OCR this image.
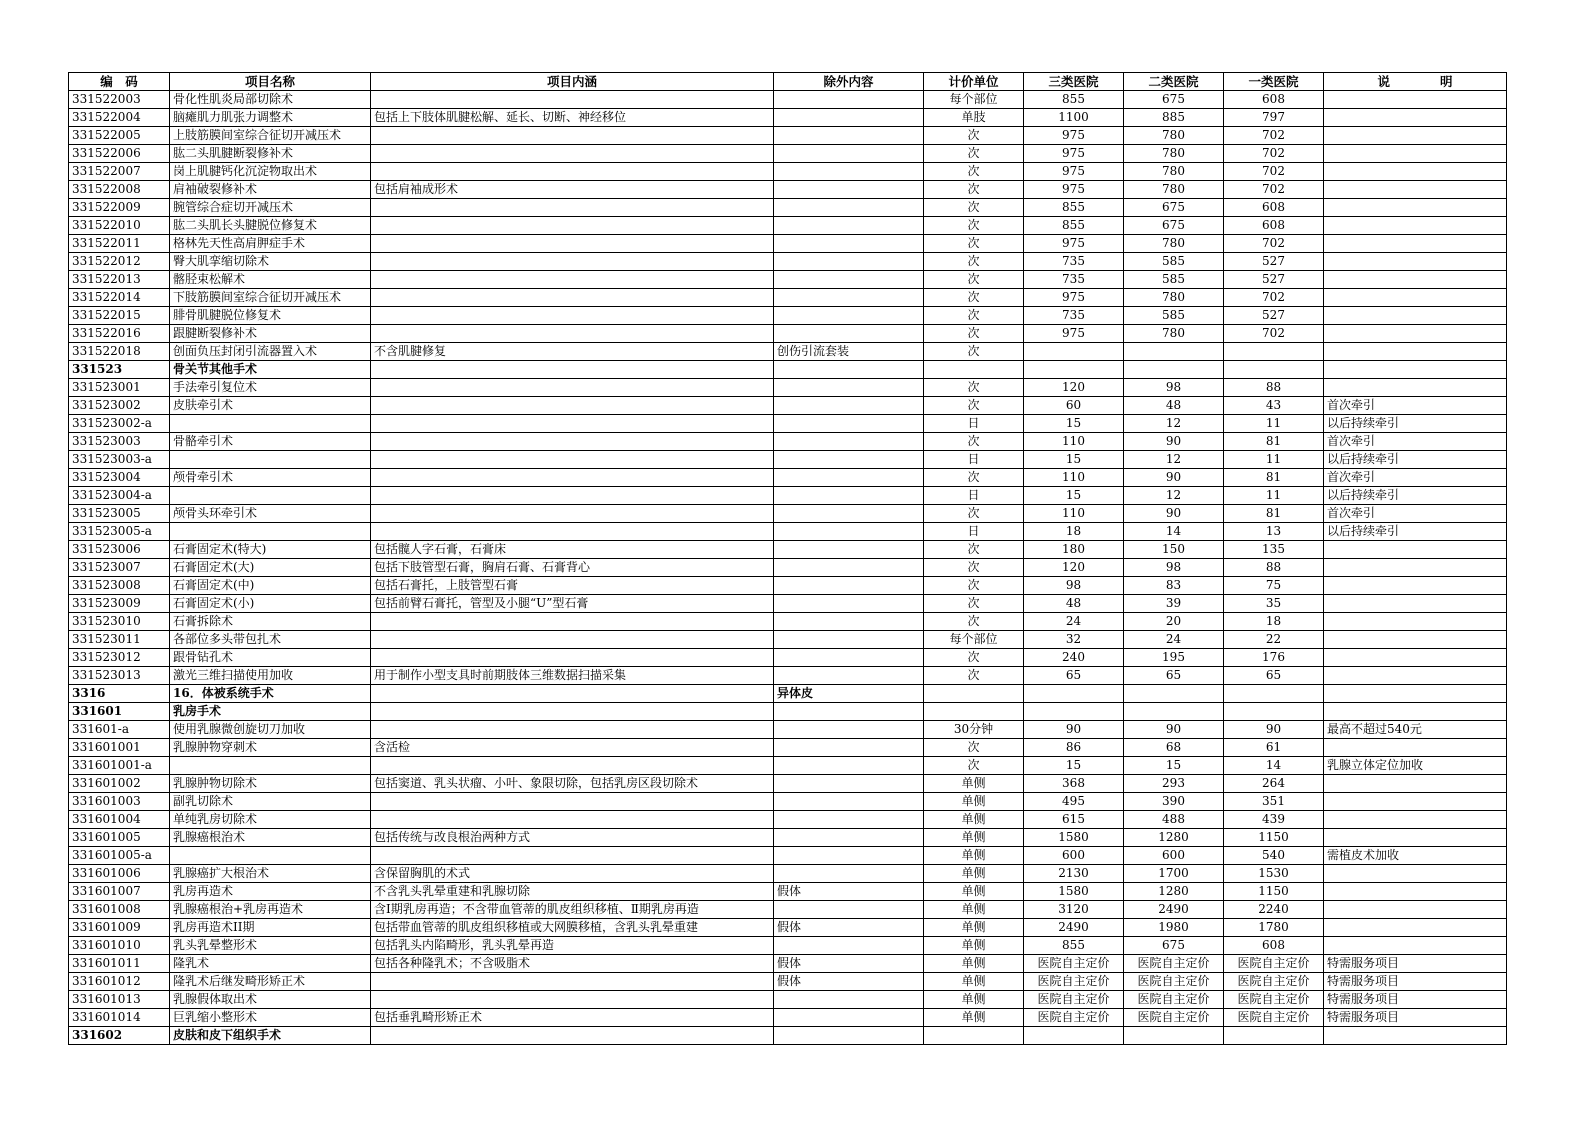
编　码	项目名称	项目内涵	除外内容	计价单位	三类医院	二类医院	一类医院	说　　　　明
331522003	骨化性肌炎局部切除术			每个部位	855	675	608	
331522004	脑瘫肌力肌张力调整术	包括上下肢体肌腱松解、延长、切断、神经移位		单肢	1100	885	797	
331522005	上肢筋膜间室综合征切开减压术			次	975	780	702	
331522006	肱二头肌腱断裂修补术			次	975	780	702	
331522007	岗上肌腱钙化沉淀物取出术			次	975	780	702	
331522008	肩袖破裂修补术	包括肩袖成形术		次	975	780	702	
331522009	腕管综合症切开减压术			次	855	675	608	
331522010	肱二头肌长头腱脱位修复术			次	855	675	608	
331522011	格林先天性高肩胛症手术			次	975	780	702	
331522012	臀大肌挛缩切除术			次	735	585	527	
331522013	髂胫束松解术			次	735	585	527	
331522014	下肢筋膜间室综合征切开减压术			次	975	780	702	
331522015	腓骨肌腱脱位修复术			次	735	585	527	
331522016	跟腱断裂修补术			次	975	780	702	
331522018	创面负压封闭引流器置入术	不含肌腱修复	创伤引流套装	次				
331523	骨关节其他手术							
331523001	手法牵引复位术			次	120	98	88	
331523002	皮肤牵引术			次	60	48	43	首次牵引
331523002-a				日	15	12	11	以后持续牵引
331523003	骨骼牵引术			次	110	90	81	首次牵引
331523003-a				日	15	12	11	以后持续牵引
331523004	颅骨牵引术			次	110	90	81	首次牵引
331523004-a				日	15	12	11	以后持续牵引
331523005	颅骨头环牵引术			次	110	90	81	首次牵引
331523005-a				日	18	14	13	以后持续牵引
331523006	石膏固定术(特大)	包括髋人字石膏，石膏床		次	180	150	135	
331523007	石膏固定术(大)	包括下肢管型石膏，胸肩石膏、石膏背心		次	120	98	88	
331523008	石膏固定术(中)	包括石膏托，上肢管型石膏		次	98	83	75	
331523009	石膏固定术(小)	包括前臂石膏托，管型及小腿“U”型石膏		次	48	39	35	
331523010	石膏拆除术			次	24	20	18	
331523011	各部位多头带包扎术			每个部位	32	24	22	
331523012	跟骨钻孔术			次	240	195	176	
331523013	激光三维扫描使用加收	用于制作小型支具时前期肢体三维数据扫描采集		次	65	65	65	
3316	16．体被系统手术		异体皮					
331601	乳房手术							
331601-a	使用乳腺微创旋切刀加收			30分钟	90	90	90	最高不超过540元
331601001	乳腺肿物穿刺术	含活检		次	86	68	61	
331601001-a				次	15	15	14	乳腺立体定位加收
331601002	乳腺肿物切除术	包括窦道、乳头状瘤、小叶、象限切除，包括乳房区段切除术		单侧	368	293	264	
331601003	副乳切除术			单侧	495	390	351	
331601004	单纯乳房切除术			单侧	615	488	439	
331601005	乳腺癌根治术	包括传统与改良根治两种方式		单侧	1580	1280	1150	
331601005-a				单侧	600	600	540	需植皮术加收
331601006	乳腺癌扩大根治术	含保留胸肌的术式		单侧	2130	1700	1530	
331601007	乳房再造术	不含乳头乳晕重建和乳腺切除	假体	单侧	1580	1280	1150	
331601008	乳腺癌根治+乳房再造术	含Ⅰ期乳房再造；不含带血管蒂的肌皮组织移植、Ⅱ期乳房再造		单侧	3120	2490	2240	
331601009	乳房再造术II期	包括带血管蒂的肌皮组织移植或大网膜移植，含乳头乳晕重建	假体	单侧	2490	1980	1780	
331601010	乳头乳晕整形术	包括乳头内陷畸形，乳头乳晕再造		单侧	855	675	608	
331601011	隆乳术	包括各种隆乳术；不含吸脂术	假体	单侧	医院自主定价	医院自主定价	医院自主定价	特需服务项目
331601012	隆乳术后继发畸形矫正术		假体	单侧	医院自主定价	医院自主定价	医院自主定价	特需服务项目
331601013	乳腺假体取出术			单侧	医院自主定价	医院自主定价	医院自主定价	特需服务项目
331601014	巨乳缩小整形术	包括垂乳畸形矫正术		单侧	医院自主定价	医院自主定价	医院自主定价	特需服务项目
331602	皮肤和皮下组织手术							
